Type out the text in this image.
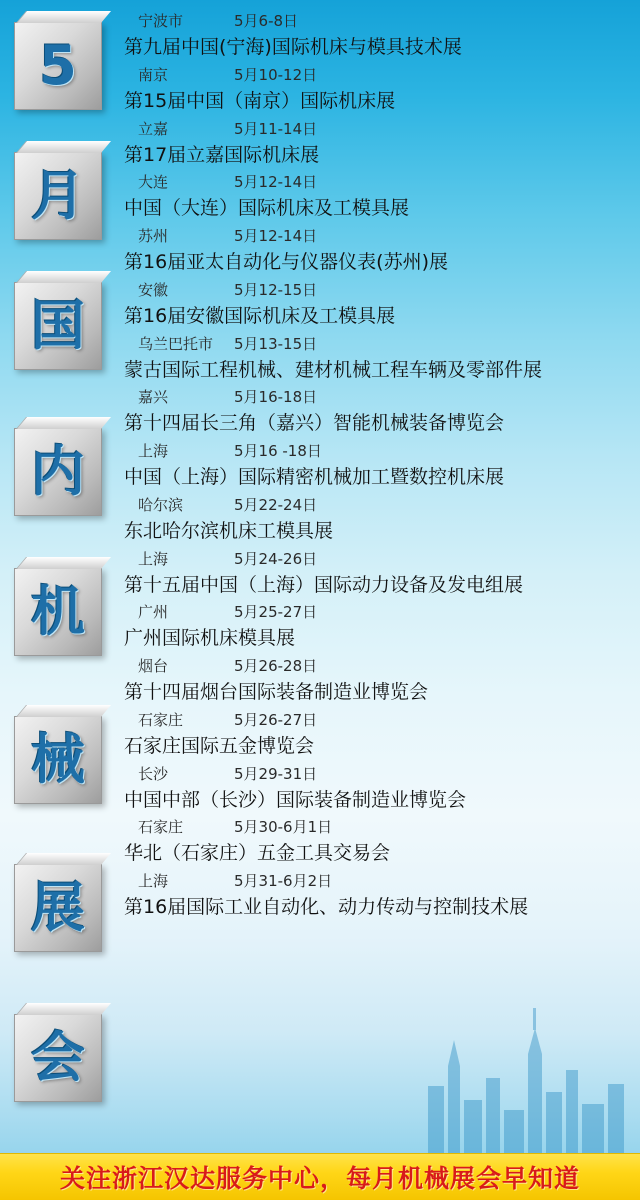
5
月
国
内
机
械
展
会
宁波市	5月6-8日
第九届中国(宁海)国际机床与模具技术展
南京	5月10-12日
第15届中国（南京）国际机床展
立嘉	5月11-14日
第17届立嘉国际机床展
大连	5月12-14日
中国（大连）国际机床及工模具展
苏州	5月12-14日
第16届亚太自动化与仪器仪表(苏州)展
安徽	5月12-15日
第16届安徽国际机床及工模具展
乌兰巴托市	5月13-15日
蒙古国际工程机械、建材机械工程车辆及零部件展
嘉兴	5月16-18日
第十四届长三角（嘉兴）智能机械装备博览会
上海	5月16 -18日
中国（上海）国际精密机械加工暨数控机床展
哈尔滨	5月22-24日
东北哈尔滨机床工模具展
上海	5月24-26日
第十五届中国（上海）国际动力设备及发电组展
广州	5月25-27日
广州国际机床模具展
烟台	5月26-28日
第十四届烟台国际装备制造业博览会
石家庄	5月26-27日
石家庄国际五金博览会
长沙	5月29-31日
中国中部（长沙）国际装备制造业博览会
石家庄	5月30-6月1日
华北（石家庄）五金工具交易会
上海	5月31-6月2日
第16届国际工业自动化、动力传动与控制技术展
关注浙江汉达服务中心，每月机械展会早知道
